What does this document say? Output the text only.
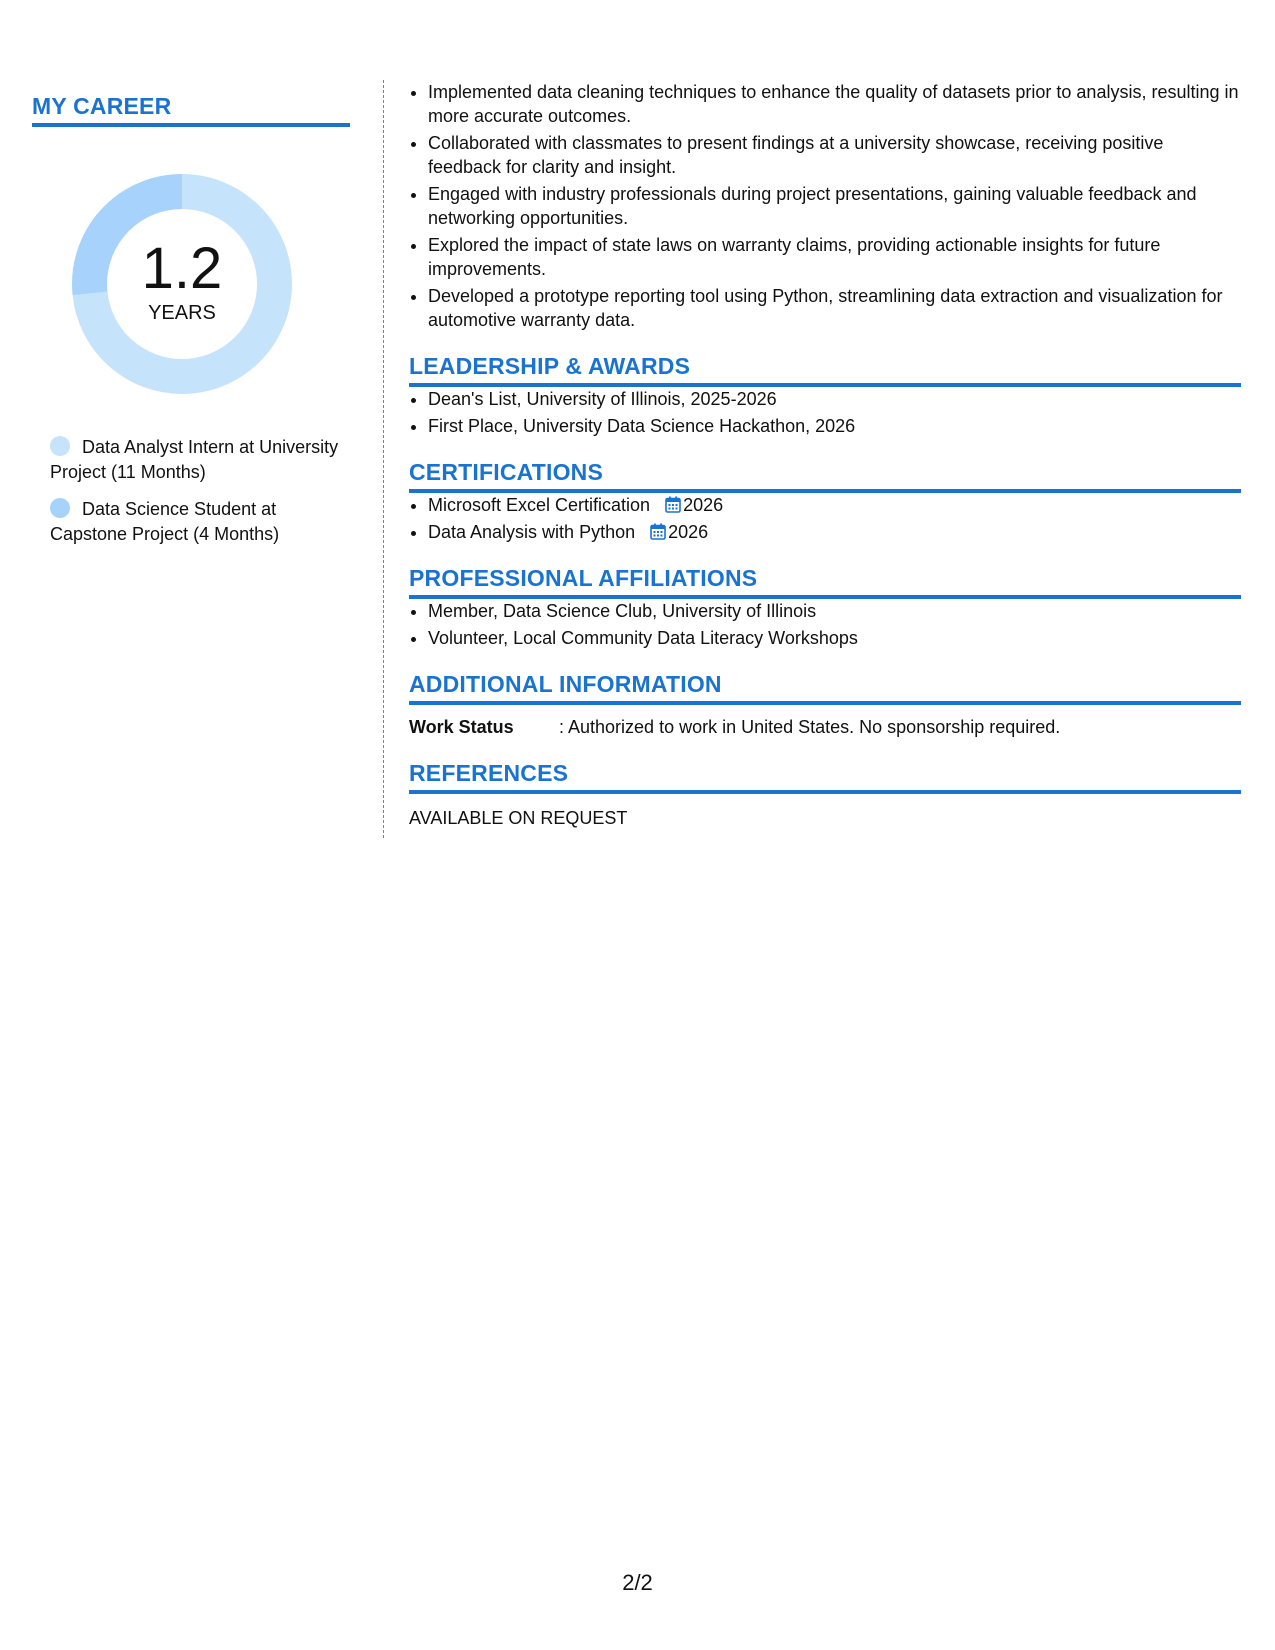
MY CAREER
1.2
YEARS
Data Analyst Intern at University Project (11 Months)
Data Science Student at Capstone Project (4 Months)
• Implemented data cleaning techniques to enhance the quality of datasets prior to analysis, resulting in more accurate outcomes.
• Collaborated with classmates to present findings at a university showcase, receiving positive feedback for clarity and insight.
• Engaged with industry professionals during project presentations, gaining valuable feedback and networking opportunities.
• Explored the impact of state laws on warranty claims, providing actionable insights for future improvements.
• Developed a prototype reporting tool using Python, streamlining data extraction and visualization for automotive warranty data.
LEADERSHIP & AWARDS
• Dean's List, University of Illinois, 2025-2026
• First Place, University Data Science Hackathon, 2026
CERTIFICATIONS
• Microsoft Excel Certification 2026
• Data Analysis with Python 2026
PROFESSIONAL AFFILIATIONS
• Member, Data Science Club, University of Illinois
• Volunteer, Local Community Data Literacy Workshops
ADDITIONAL INFORMATION
Work Status	: Authorized to work in United States. No sponsorship required.
REFERENCES
AVAILABLE ON REQUEST
2/2
